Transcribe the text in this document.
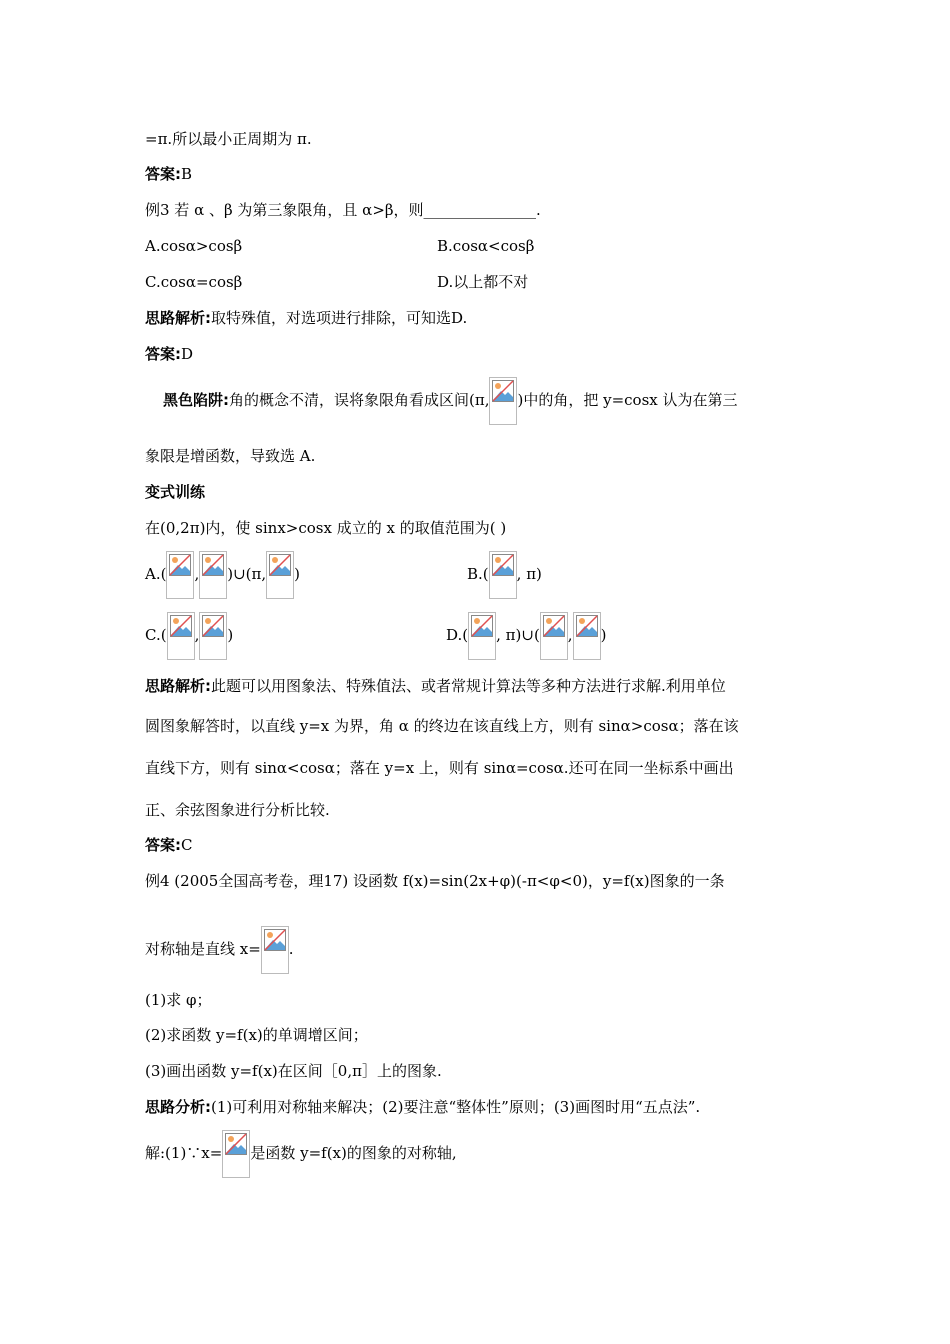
=π.所以最小正周期为 π.
答案:B
例3 若 α 、β 为第三象限角，且 α>β，则_______________.
A.cosα>cosβ	B.cosα<cosβ
C.cosα=cosβ	D.以上都不对
思路解析:取特殊值，对选项进行排除，可知选D.
答案:D
黑色陷阱:角的概念不清，误将象限角看成区间(π, )中的角，把 y=cosx 认为在第三
象限是增函数，导致选 A.
变式训练
在(0,2π)内，使 sinx>cosx 成立的 x 的取值范围为( )
A.( , )∪(π, )	B.( , π)
C.( , )	D.( , π)∪( , )
思路解析:此题可以用图象法、特殊值法、或者常规计算法等多种方法进行求解.利用单位
圆图象解答时，以直线 y=x 为界，角 α 的终边在该直线上方，则有 sinα>cosα；落在该
直线下方，则有 sinα<cosα；落在 y=x 上，则有 sinα=cosα.还可在同一坐标系中画出
正、余弦图象进行分析比较.
答案:C
例4 (2005全国高考卷，理17) 设函数 f(x)=sin(2x+φ)(-π<φ<0)，y=f(x)图象的一条
对称轴是直线 x= .
(1)求 φ；
(2)求函数 y=f(x)的单调增区间；
(3)画出函数 y=f(x)在区间［0,π］上的图象.
思路分析:(1)可利用对称轴来解决；(2)要注意“整体性”原则；(3)画图时用“五点法”.
解:(1)∵x= 是函数 y=f(x)的图象的对称轴,
